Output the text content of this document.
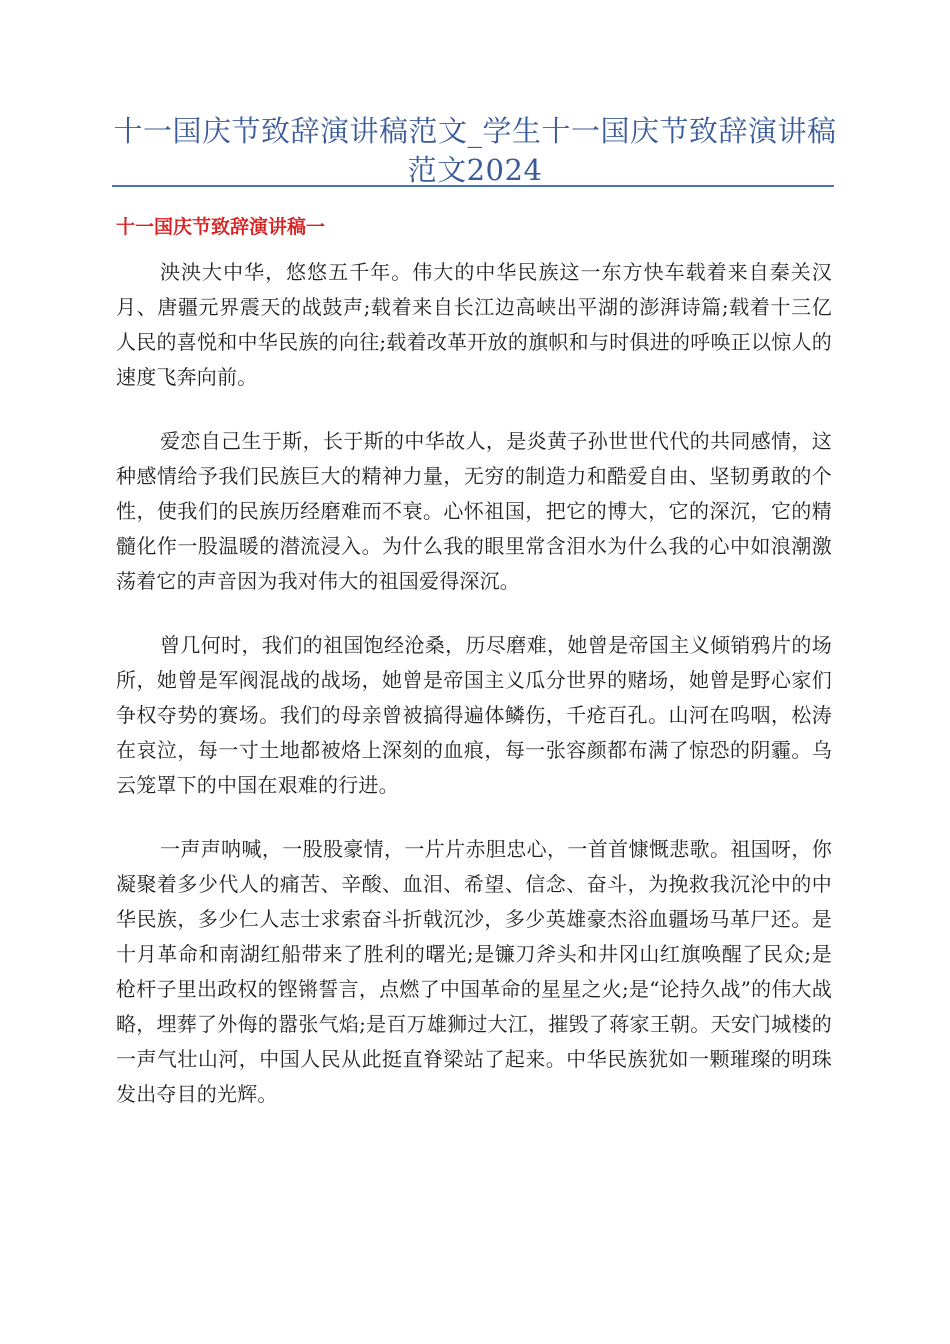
十一国庆节致辞演讲稿范文_学生十一国庆节致辞演讲稿范文2024
十一国庆节致辞演讲稿一

泱泱大中华，悠悠五千年。伟大的中华民族这一东方快车载着来自秦关汉月、唐疆元界震天的战鼓声;载着来自长江边高峡出平湖的澎湃诗篇;载着十三亿人民的喜悦和中华民族的向往;载着改革开放的旗帜和与时俱进的呼唤正以惊人的速度飞奔向前。

爱恋自己生于斯，长于斯的中华故人，是炎黄子孙世世代代的共同感情，这种感情给予我们民族巨大的精神力量，无穷的制造力和酷爱自由、坚韧勇敢的个性，使我们的民族历经磨难而不衰。心怀祖国，把它的博大，它的深沉，它的精髓化作一股温暖的潜流浸入。为什么我的眼里常含泪水为什么我的心中如浪潮激荡着它的声音因为我对伟大的祖国爱得深沉。

曾几何时，我们的祖国饱经沧桑，历尽磨难，她曾是帝国主义倾销鸦片的场所，她曾是军阀混战的战场，她曾是帝国主义瓜分世界的赌场，她曾是野心家们争权夺势的赛场。我们的母亲曾被搞得遍体鳞伤，千疮百孔。山河在呜咽，松涛在哀泣，每一寸土地都被烙上深刻的血痕，每一张容颜都布满了惊恐的阴霾。乌云笼罩下的中国在艰难的行进。

一声声呐喊，一股股豪情，一片片赤胆忠心，一首首慷慨悲歌。祖国呀，你凝聚着多少代人的痛苦、辛酸、血泪、希望、信念、奋斗，为挽救我沉沦中的中华民族，多少仁人志士求索奋斗折戟沉沙，多少英雄豪杰浴血疆场马革尸还。是十月革命和南湖红船带来了胜利的曙光;是镰刀斧头和井冈山红旗唤醒了民众;是枪杆子里出政权的铿锵誓言，点燃了中国革命的星星之火;是“论持久战”的伟大战略，埋葬了外侮的嚣张气焰;是百万雄狮过大江，摧毁了蒋家王朝。天安门城楼的一声气壮山河，中国人民从此挺直脊梁站了起来。中华民族犹如一颗璀璨的明珠发出夺目的光辉。
